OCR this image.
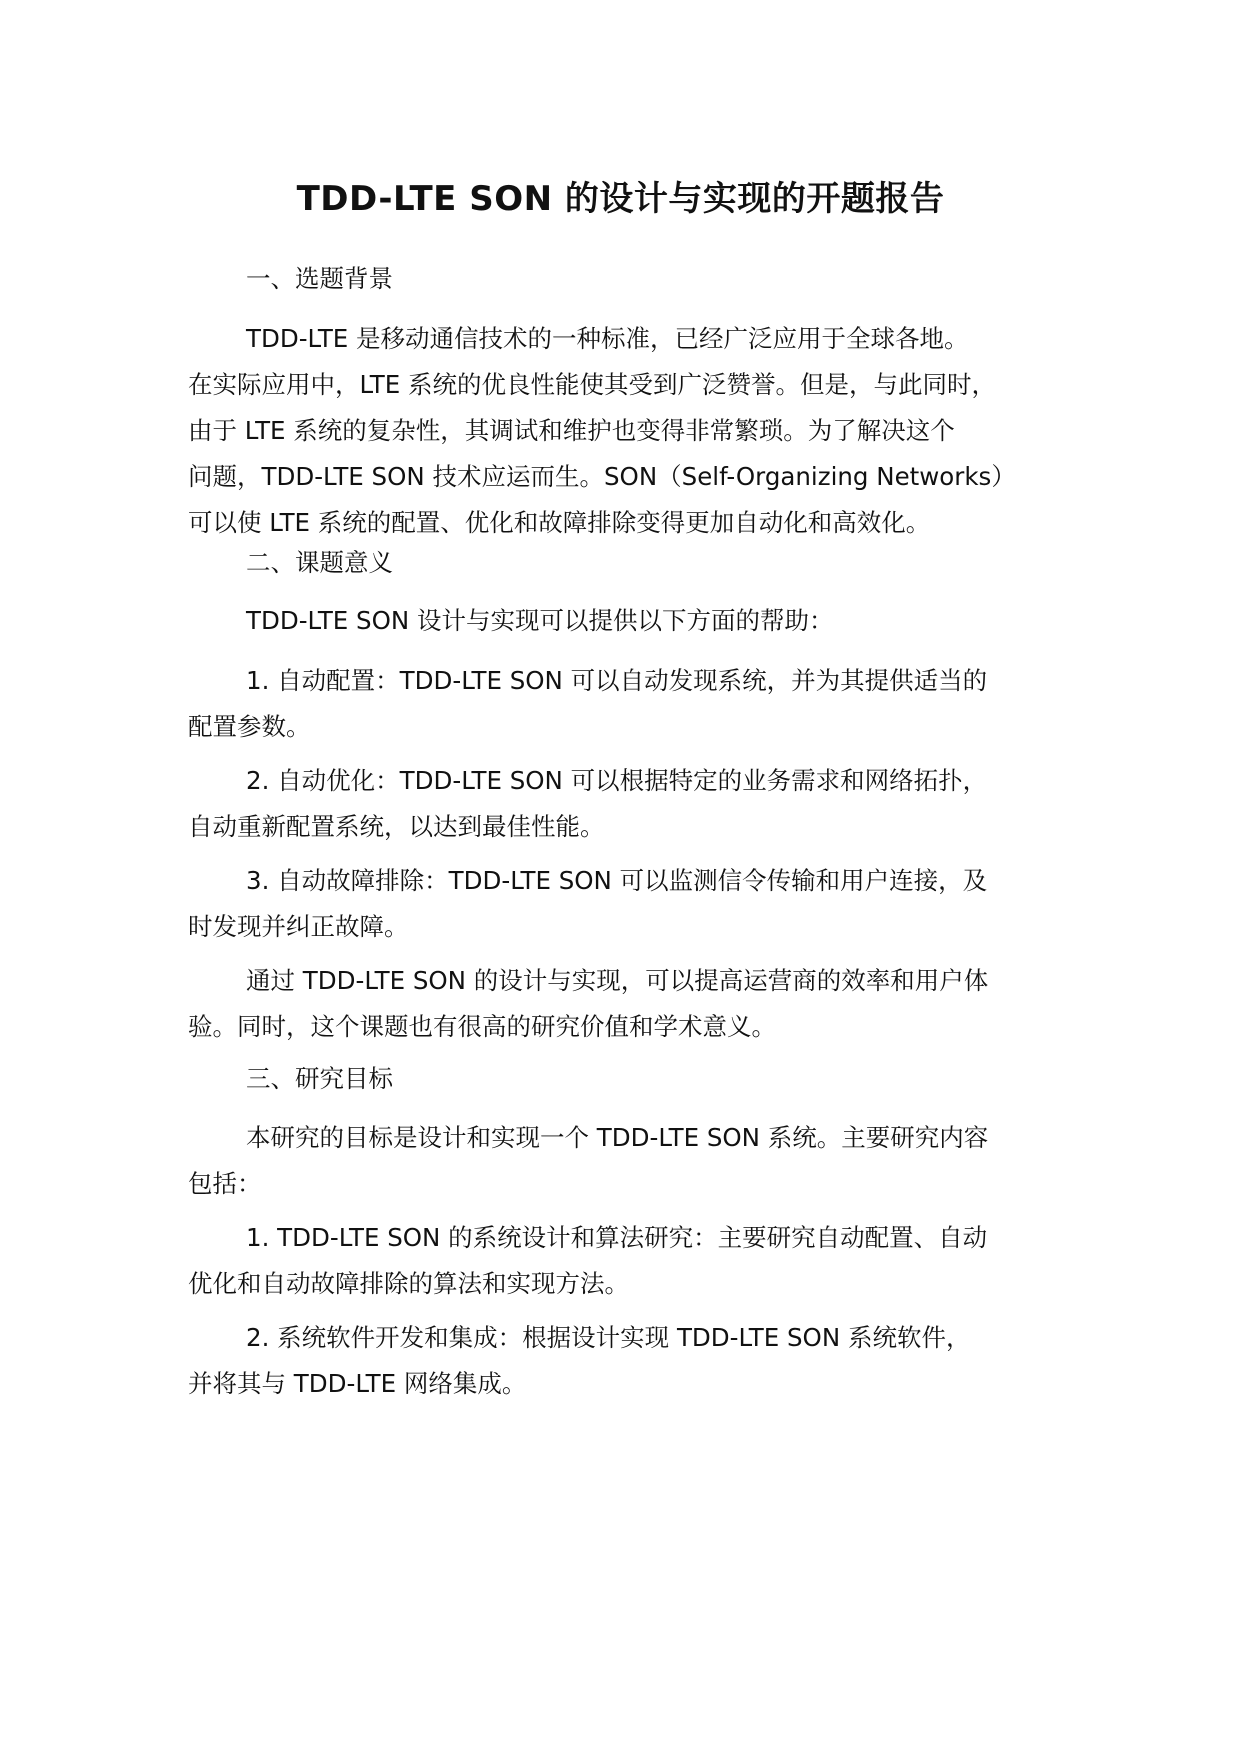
TDD-LTE SON 的设计与实现的开题报告
一、选题背景
TDD-LTE 是移动通信技术的一种标准，已经广泛应用于全球各地。
在实际应用中，LTE 系统的优良性能使其受到广泛赞誉。但是，与此同时，
由于 LTE 系统的复杂性，其调试和维护也变得非常繁琐。为了解决这个
问题，TDD-LTE SON 技术应运而生。SON（Self-Organizing Networks）
可以使 LTE 系统的配置、优化和故障排除变得更加自动化和高效化。
二、课题意义
TDD-LTE SON 设计与实现可以提供以下方面的帮助：
1. 自动配置：TDD-LTE SON 可以自动发现系统，并为其提供适当的
配置参数。
2. 自动优化：TDD-LTE SON 可以根据特定的业务需求和网络拓扑，
自动重新配置系统，以达到最佳性能。
3. 自动故障排除：TDD-LTE SON 可以监测信令传输和用户连接，及
时发现并纠正故障。
通过 TDD-LTE SON 的设计与实现，可以提高运营商的效率和用户体
验。同时，这个课题也有很高的研究价值和学术意义。
三、研究目标
本研究的目标是设计和实现一个 TDD-LTE SON 系统。主要研究内容
包括：
1. TDD-LTE SON 的系统设计和算法研究：主要研究自动配置、自动
优化和自动故障排除的算法和实现方法。
2. 系统软件开发和集成：根据设计实现 TDD-LTE SON 系统软件，
并将其与 TDD-LTE 网络集成。
